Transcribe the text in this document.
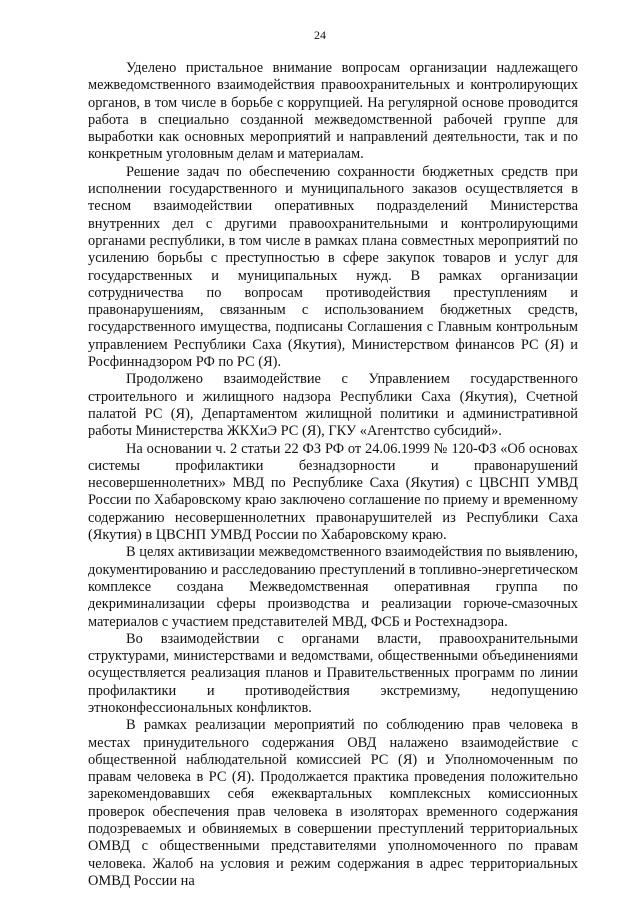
24

Уделено пристальное внимание вопросам организации надлежащего межведомственного взаимодействия правоохранительных и контролирующих органов, в том числе в борьбе с коррупцией. На регулярной основе проводится работа в специально созданной межведомственной рабочей группе для выработки как основных мероприятий и направлений деятельности, так и по конкретным уголовным делам и материалам.

Решение задач по обеспечению сохранности бюджетных средств при исполнении государственного и муниципального заказов осуществляется в тесном взаимодействии оперативных подразделений Министерства внутренних дел с другими правоохранительными и контролирующими органами республики, в том числе в рамках плана совместных мероприятий по усилению борьбы с преступностью в сфере закупок товаров и услуг для государственных и муниципальных нужд. В рамках организации сотрудничества по вопросам противодействия преступлениям и правонарушениям, связанным с использованием бюджетных средств, государственного имущества, подписаны Соглашения с Главным контрольным управлением Республики Саха (Якутия), Министерством финансов РС (Я) и Росфиннадзором РФ по РС (Я).

Продолжено взаимодействие с Управлением государственного строительного и жилищного надзора Республики Саха (Якутия), Счетной палатой РС (Я), Департаментом жилищной политики и административной работы Министерства ЖКХиЭ РС (Я), ГКУ «Агентство субсидий».

На основании ч. 2 статьи 22 ФЗ РФ от 24.06.1999 № 120-ФЗ «Об основах системы профилактики безнадзорности и правонарушений несовершеннолетних» МВД по Республике Саха (Якутия) с ЦВСНП УМВД России по Хабаровскому краю заключено соглашение по приему и временному содержанию несовершеннолетних правонарушителей из Республики Саха (Якутия) в ЦВСНП УМВД России по Хабаровскому краю.

В целях активизации межведомственного взаимодействия по выявлению, документированию и расследованию преступлений в топливно-энергетическом комплексе создана Межведомственная оперативная группа по декриминализации сферы производства и реализации горюче-смазочных материалов с участием представителей МВД, ФСБ и Ростехнадзора.

Во взаимодействии с органами власти, правоохранительными структурами, министерствами и ведомствами, общественными объединениями осуществляется реализация планов и Правительственных программ по линии профилактики и противодействия экстремизму, недопущению этноконфессиональных конфликтов.

В рамках реализации мероприятий по соблюдению прав человека в местах принудительного содержания ОВД налажено взаимодействие с общественной наблюдательной комиссией РС (Я) и Уполномоченным по правам человека в РС (Я). Продолжается практика проведения положительно зарекомендовавших себя ежеквартальных комплексных комиссионных проверок обеспечения прав человека в изоляторах временного содержания подозреваемых и обвиняемых в совершении преступлений территориальных ОМВД с общественными представителями уполномоченного по правам человека. Жалоб на условия и режим содержания в адрес территориальных ОМВД России на
